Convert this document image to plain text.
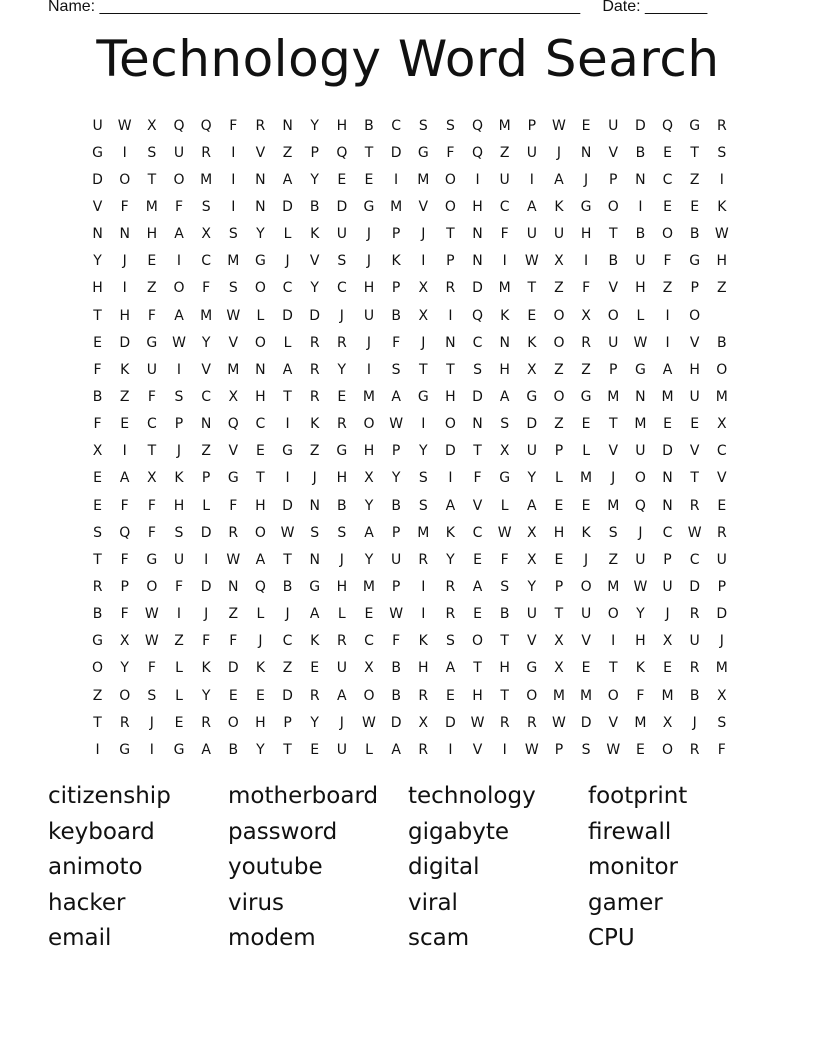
Name: ______________________________________________________ Date: _______
Technology Word Search
U	W	X	Q	Q	F	R	N	Y	H	B	C	S	S	Q	M	P	W	E	U	D	Q	G	R
G	I	S	U	R	I	V	Z	P	Q	T	D	G	F	Q	Z	U	J	N	V	B	E	T	S
D	O	T	O	M	I	N	A	Y	E	E	I	M	O	I	U	I	A	J	P	N	C	Z	I
V	F	M	F	S	I	N	D	B	D	G	M	V	O	H	C	A	K	G	O	I	E	E	K
N	N	H	A	X	S	Y	L	K	U	J	P	J	T	N	F	U	U	H	T	B	O	B	W
Y	J	E	I	C	M	G	J	V	S	J	K	I	P	N	I	W	X	I	B	U	F	G	H
H	I	Z	O	F	S	O	C	Y	C	H	P	X	R	D	M	T	Z	F	V	H	Z	P	Z
T	H	F	A	M	W	L	D	D	J	U	B	X	I	Q	K	E	O	X	O	L	I	O
E	D	G	W	Y	V	O	L	R	R	J	F	J	N	C	N	K	O	R	U	W	I	V	B
F	K	U	I	V	M	N	A	R	Y	I	S	T	T	S	H	X	Z	Z	P	G	A	H	O
B	Z	F	S	C	X	H	T	R	E	M	A	G	H	D	A	G	O	G	M	N	M	U	M
F	E	C	P	N	Q	C	I	K	R	O	W	I	O	N	S	D	Z	E	T	M	E	E	X
X	I	T	J	Z	V	E	G	Z	G	H	P	Y	D	T	X	U	P	L	V	U	D	V	C
E	A	X	K	P	G	T	I	J	H	X	Y	S	I	F	G	Y	L	M	J	O	N	T	V
E	F	F	H	L	F	H	D	N	B	Y	B	S	A	V	L	A	E	E	M	Q	N	R	E
S	Q	F	S	D	R	O	W	S	S	A	P	M	K	C	W	X	H	K	S	J	C	W	R
T	F	G	U	I	W	A	T	N	J	Y	U	R	Y	E	F	X	E	J	Z	U	P	C	U
R	P	O	F	D	N	Q	B	G	H	M	P	I	R	A	S	Y	P	O	M	W	U	D	P
B	F	W	I	J	Z	L	J	A	L	E	W	I	R	E	B	U	T	U	O	Y	J	R	D
G	X	W	Z	F	F	J	C	K	R	C	F	K	S	O	T	V	X	V	I	H	X	U	J
O	Y	F	L	K	D	K	Z	E	U	X	B	H	A	T	H	G	X	E	T	K	E	R	M
Z	O	S	L	Y	E	E	D	R	A	O	B	R	E	H	T	O	M	M	O	F	M	B	X
T	R	J	E	R	O	H	P	Y	J	W	D	X	D	W	R	R	W	D	V	M	X	J	S
I	G	I	G	A	B	Y	T	E	U	L	A	R	I	V	I	W	P	S	W	E	O	R	F
citizenship	motherboard	technology	footprint
keyboard	password	gigabyte	firewall
animoto	youtube	digital	monitor
hacker	virus	viral	gamer
email	modem	scam	CPU
